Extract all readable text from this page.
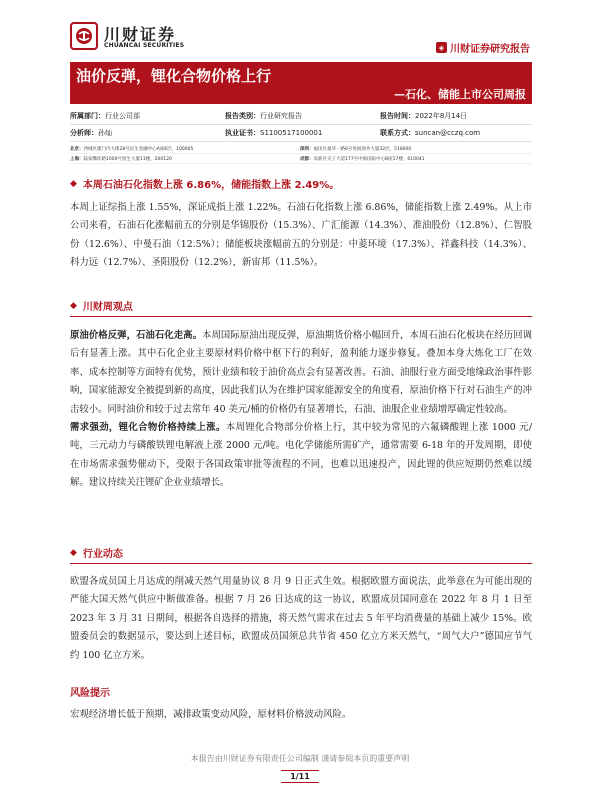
川财证券
CHUANCAI SECURITIES	◈ 川财证券研究报告
油价反弹，锂化合物价格上行
—石化、储能上市公司周报
所属部门：行业公司部	报告类别：行业研究报告	报告时间：2022年8月14日
分析师：孙灿	执业证书：S1100517100001	联系方式：suncan@cczq.com
北京：西城区建门内大街28号民生金融中心A座6层，100005	深圳：福田区福华一路6号免税商务大厦32层，518000
上海：陆家嘴环路1000号恒生大厦11楼，200120	成都：高新区交子大道177号中海国际中心B座17楼，610041
◆ 本周石油石化指数上涨 6.86%，储能指数上涨 2.49%。

本周上证综指上涨 1.55%，深证成指上涨 1.22%。石油石化指数上涨 6.86%，储能指数上涨 2.49%。从上市公司来看，石油石化涨幅前五的分别是华锦股份（15.3%）、广汇能源（14.3%）、准油股份（12.8%）、仁智股份（12.6%）、中曼石油（12.5%）；储能板块涨幅前五的分别是：中菱环境（17.3%）、祥鑫科技（14.3%）、科力远（12.7%）、圣阳股份（12.2%），新宙邦（11.5%）。

◆ 川财周观点

原油价格反弹，石油石化走高。本周国际原油出现反弹，原油期货价格小幅回升，本周石油石化板块在经历回调后有显著上涨。其中石化企业主要原材料价格中枢下行的利好，盈利能力逐步修复。叠加本身大炼化工厂在效率、成本控制等方面特有优势，预计业绩和较于油价高点会有显著改善。石油、油服行业方面受地缘政治事件影响，国家能源安全被提到新的高度，因此我们认为在维护国家能源安全的角度看，原油价格下行对石油生产的冲击较小。同时油价和较于过去常年 40 美元/桶的价格仍有显著增长，石油、油服企业业绩增厚确定性较高。

需求强劲，锂化合物价格持续上涨。本周锂化合物部分价格上行，其中较为常见的六氟磷酸锂上涨 1000 元/吨，三元动力与磷酸铁锂电解液上涨 2000 元/吨。电化学储能所需矿产，通常需要 6-18 年的开发周期，即使在市场需求强势催动下，受限于各国政策审批等流程的不同，也难以迅速投产，因此锂的供应短期仍然难以缓解。建议持续关注锂矿企业业绩增长。

◆ 行业动态

欧盟各成员国上月达成的削减天然气用量协议 8 月 9 日正式生效。根据欧盟方面说法，此举意在为可能出现的严能大国天然气供应中断做准备。根据 7 月 26 日达成的这一协议，欧盟成员国同意在 2022 年 8 月 1 日至 2023 年 3 月 31 日期间，根据各自选择的措施，将天然气需求在过去 5 年平均消费量的基础上减少 15%。欧盟委员会的数据显示，要达到上述目标，欧盟成员国须总共节省 450 亿立方米天然气，“周气大户”德国应节气约 100 亿立方米。

风险提示

宏观经济增长低于预期，减排政策变动风险，原材料价格波动风险。

本报告由川财证券有限责任公司编制 谨请参阅本页的重要声明
1/11
